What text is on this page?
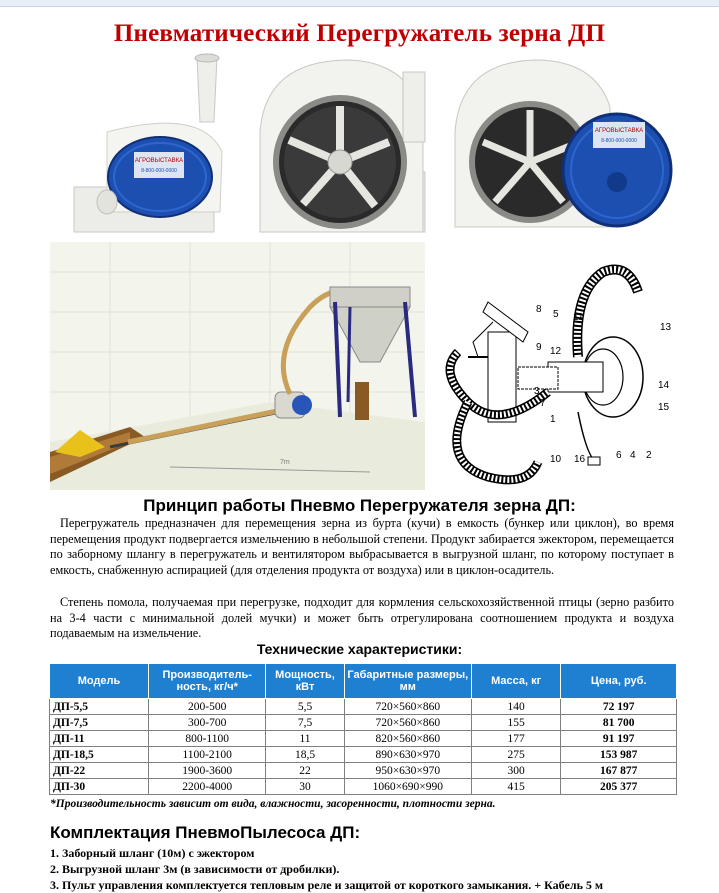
Пневматический Перегружатель зерна ДП
АГРОВЫСТАВКА
8-800-000-0000
АГРОВЫСТАВКА
8-800-000-0000
7m
8 5 11
13
9 12
14
15
3
7
1
6 4 2
10 16
Принцип работы Пневмо Перегружателя зерна ДП:
Перегружатель предназначен для перемещения зерна из бурта (кучи) в емкость (бункер или циклон), во время перемещения продукт подвергается измельчению в небольшой степени. Продукт забирается эжектором, перемещается по заборному шлангу в перегружатель и вентилятором выбрасывается в выгрузной шланг, по которому поступает в емкость, снабженную аспирацией (для отделения продукта от воздуха) или в циклон-осадитель.
Степень помола, получаемая при перегрузке, подходит для кормления сельскохозяйственной птицы (зерно разбито на 3-4 части с минимальной долей мучки) и может быть отрегулирована соотношением продукта и воздуха подаваемым на измельчение.
Технические характеристики:
Модель	Производитель-ность, кг/ч*	Мощность, кВт	Габаритные размеры, мм	Масса, кг	Цена, руб.
ДП-5,5	200-500	5,5	720×560×860	140	72 197
ДП-7,5	300-700	7,5	720×560×860	155	81 700
ДП-11	800-1100	11	820×560×860	177	91 197
ДП-18,5	1100-2100	18,5	890×630×970	275	153 987
ДП-22	1900-3600	22	950×630×970	300	167 877
ДП-30	2200-4000	30	1060×690×990	415	205 377
*Производительность зависит от вида, влажности, засоренности, плотности зерна.
Комплектация ПневмоПылесоса ДП:
1. Заборный шланг (10м) с эжектором
2. Выгрузной шланг 3м (в зависимости от дробилки).
3. Пульт управления комплектуется тепловым реле и защитой от короткого замыкания. + Кабель 5 м
